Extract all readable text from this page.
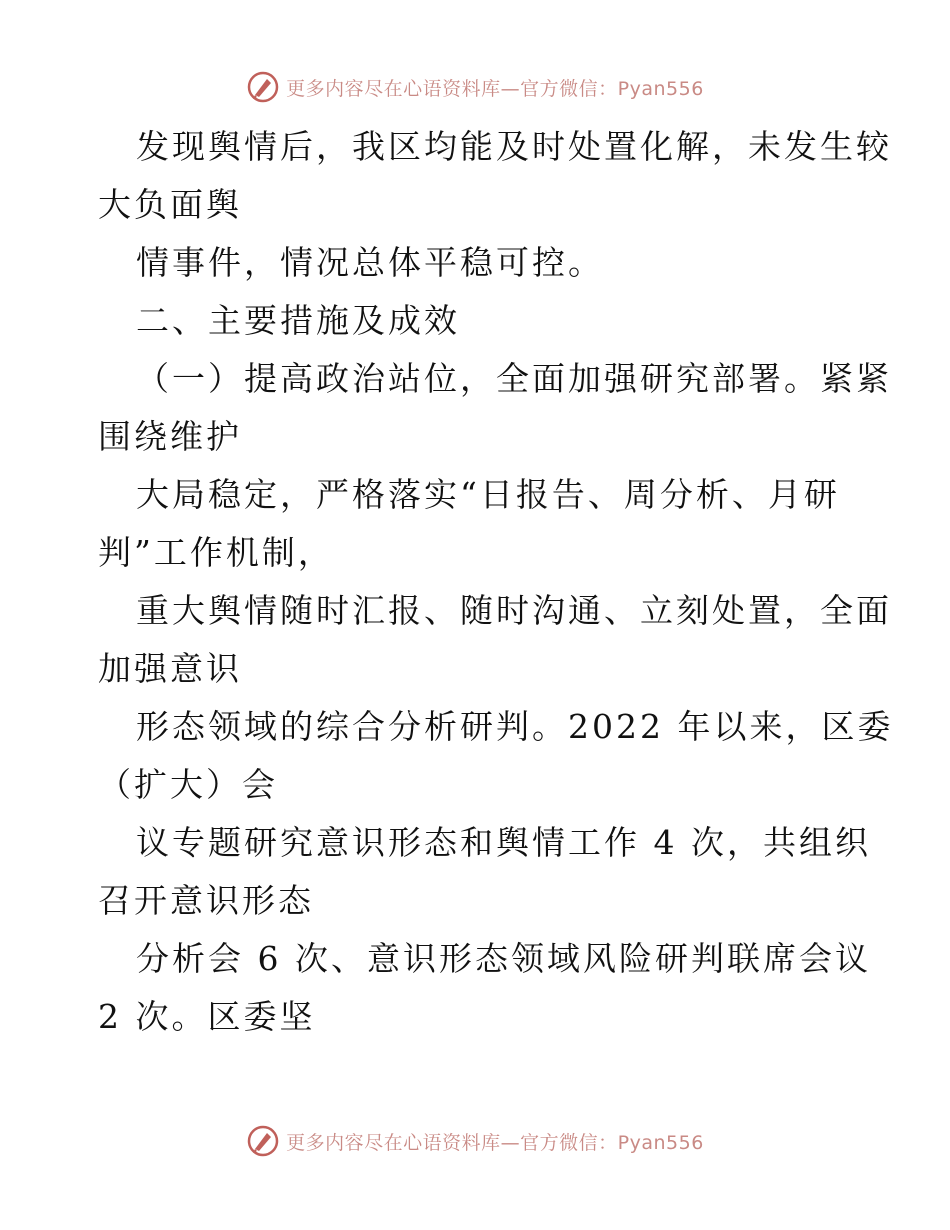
更多内容尽在心语资料库—官方微信：Pyan556
发现舆情后，我区均能及时处置化解，未发生较
大负面舆
情事件，情况总体平稳可控。
二、主要措施及成效
（一）提高政治站位，全面加强研究部署。紧紧
围绕维护
大局稳定，严格落实“日报告、周分析、月研
判”工作机制，
重大舆情随时汇报、随时沟通、立刻处置，全面
加强意识
形态领域的综合分析研判。2022 年以来，区委
（扩大）会
议专题研究意识形态和舆情工作 4 次，共组织
召开意识形态
分析会 6 次、意识形态领域风险研判联席会议
2 次。区委坚
更多内容尽在心语资料库—官方微信：Pyan556
